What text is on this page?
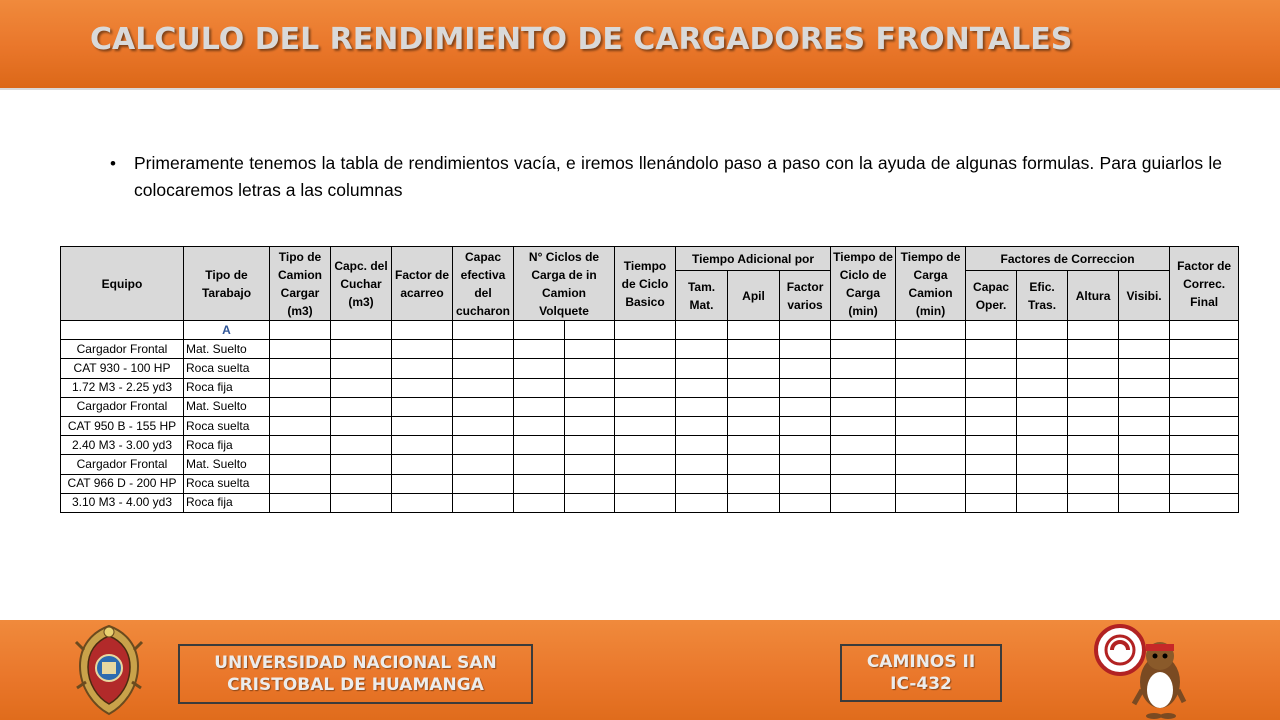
CALCULO DEL RENDIMIENTO DE CARGADORES FRONTALES
• Primeramente tenemos la tabla de rendimientos vacía, e iremos llenándolo paso a paso con la ayuda de algunas formulas. Para guiarlos le colocaremos letras a las columnas
Equipo	Tipo de Tarabajo	Tipo de Camion Cargar (m3)	Capc. del Cuchar (m3)	Factor de acarreo	Capac efectiva del cucharon	N° Ciclos de Carga de in Camion Volquete		Tiempo de Ciclo Basico	Tiempo Adicional por			Tiempo de Ciclo de Carga (min)	Tiempo de Carga Camion (min)	Factores de Correccion				Factor de Correc. Final
									Tam. Mat.	Apil	Factor varios			Capac Oper.	Efic. Tras.	Altura	Visibi.	
	A																	
Cargador Frontal	Mat. Suelto																	
CAT 930 - 100 HP	Roca suelta																	
1.72 M3 - 2.25 yd3	Roca fija																	
Cargador Frontal	Mat. Suelto																	
CAT 950 B - 155 HP	Roca suelta																	
2.40 M3 - 3.00 yd3	Roca fija																	
Cargador Frontal	Mat. Suelto																	
CAT 966 D - 200 HP	Roca suelta																	
3.10 M3 - 4.00 yd3	Roca fija																	
UNIVERSIDAD NACIONAL SAN
CRISTOBAL DE HUAMANGA
CAMINOS II
IC-432
